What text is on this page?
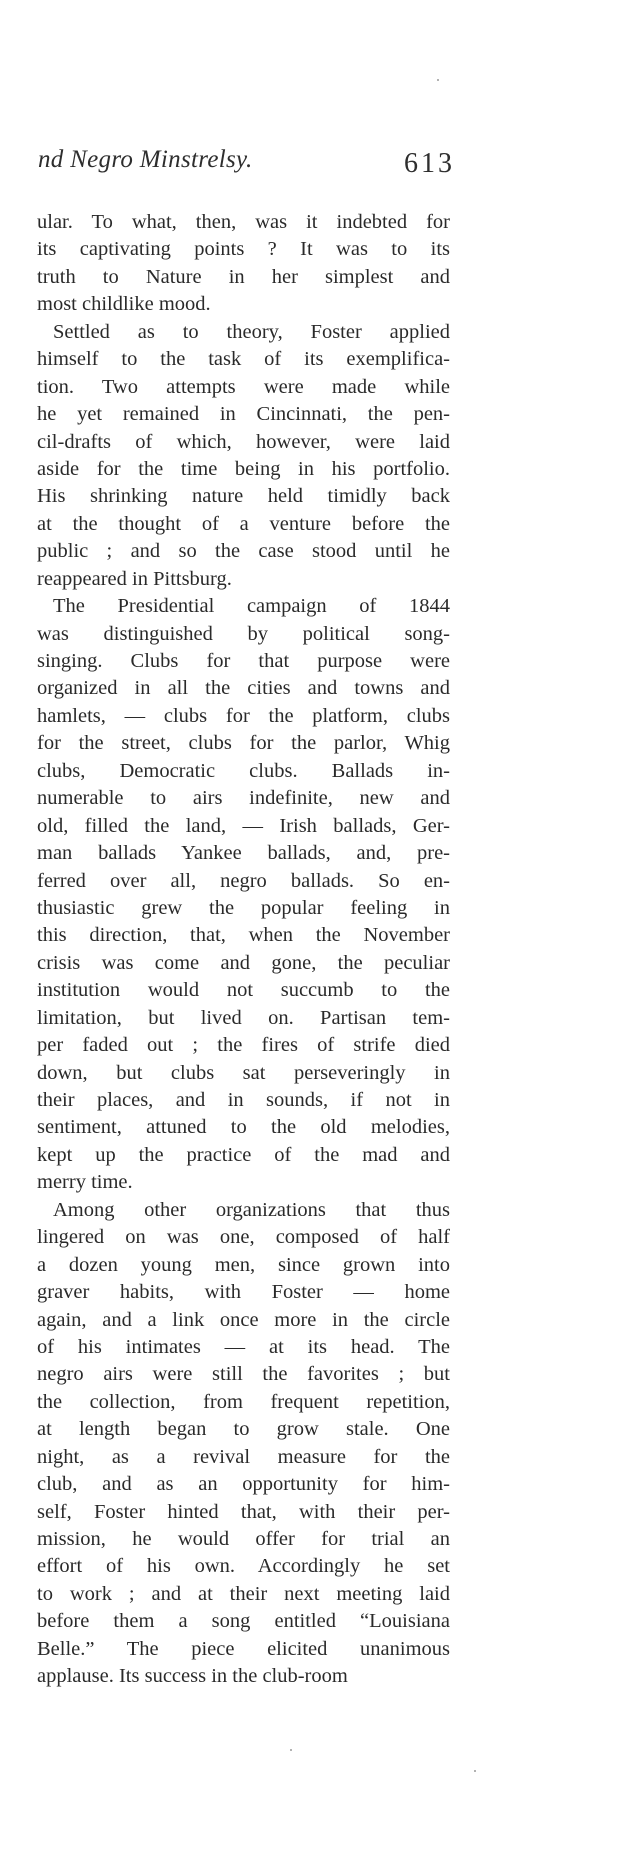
nd Negro Minstrelsy.	613
ular. To what, then, was it indebted for
its captivating points ? It was to its
truth to Nature in her simplest and
most childlike mood.
Settled as to theory, Foster applied
himself to the task of its exemplifica-
tion. Two attempts were made while
he yet remained in Cincinnati, the pen-
cil-drafts of which, however, were laid
aside for the time being in his portfolio.
His shrinking nature held timidly back
at the thought of a venture before the
public ; and so the case stood until he
reappeared in Pittsburg.
The Presidential campaign of 1844
was distinguished by political song-
singing. Clubs for that purpose were
organized in all the cities and towns and
hamlets, — clubs for the platform, clubs
for the street, clubs for the parlor, Whig
clubs, Democratic clubs. Ballads in-
numerable to airs indefinite, new and
old, filled the land, — Irish ballads, Ger-
man ballads Yankee ballads, and, pre-
ferred over all, negro ballads. So en-
thusiastic grew the popular feeling in
this direction, that, when the November
crisis was come and gone, the peculiar
institution would not succumb to the
limitation, but lived on. Partisan tem-
per faded out ; the fires of strife died
down, but clubs sat perseveringly in
their places, and in sounds, if not in
sentiment, attuned to the old melodies,
kept up the practice of the mad and
merry time.
Among other organizations that thus
lingered on was one, composed of half
a dozen young men, since grown into
graver habits, with Foster — home
again, and a link once more in the circle
of his intimates — at its head. The
negro airs were still the favorites ; but
the collection, from frequent repetition,
at length began to grow stale. One
night, as a revival measure for the
club, and as an opportunity for him-
self, Foster hinted that, with their per-
mission, he would offer for trial an
effort of his own. Accordingly he set
to work ; and at their next meeting laid
before them a song entitled “Louisiana
Belle.” The piece elicited unanimous
applause. Its success in the club-room
